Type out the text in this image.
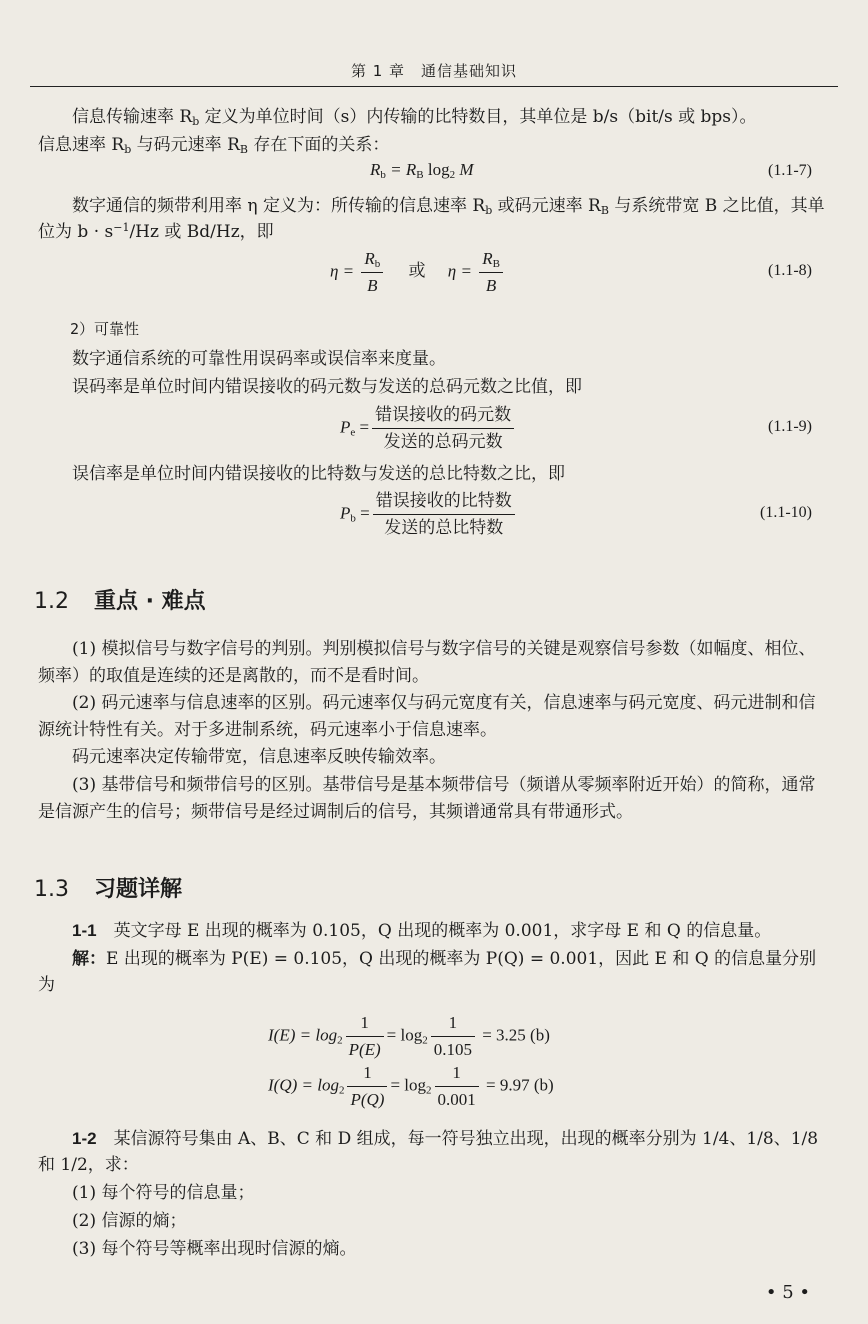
第 1 章　通信基础知识
信息传输速率 $R_b$ 定义为单位时间（s）内传输的比特数目，其单位是 b/s（bit/s 或 bps）。
信息速率 $R_b$ 与码元速率 $R_B$ 存在下面的关系：
$R_b = R_B$ $\log_2 M$	(1.1-7)
数字通信的频带利用率 η 定义为：所传输的信息速率 $R_b$ 或码元速率 $R_B$ 与系统带宽 B 之比值，其单位为 $b \cdot s^{-1}/Hz$ 或 Bd/Hz，即
$\eta = \frac{R_b}{B}$ 或 $\eta = \frac{R_B}{B}$	(1.1-8)
2）可靠性
数字通信系统的可靠性用误码率或误信率来度量。
误码率是单位时间内错误接收的码元数与发送的总码元数之比值，即
$P_e = \frac{\text{错误接收的码元数}}{\text{发送的总码元数}}$	(1.1-9)
误信率是单位时间内错误接收的比特数与发送的总比特数之比，即
$P_b = \frac{\text{错误接收的比特数}}{\text{发送的总比特数}}$	(1.1-10)
1.2 重点 · 难点
(1) 模拟信号与数字信号的判别。判别模拟信号与数字信号的关键是观察信号参数（如幅度、相位、频率）的取值是连续的还是离散的，而不是看时间。
(2) 码元速率与信息速率的区别。码元速率仅与码元宽度有关，信息速率与码元宽度、码元进制和信源统计特性有关。对于多进制系统，码元速率小于信息速率。
码元速率决定传输带宽，信息速率反映传输效率。
(3) 基带信号和频带信号的区别。基带信号是基本频带信号（频谱从零频率附近开始）的简称，通常是信源产生的信号；频带信号是经过调制后的信号，其频谱通常具有带通形式。
1.3 习题详解
1-1　英文字母 E 出现的概率为 0.105，Q 出现的概率为 0.001，求字母 E 和 Q 的信息量。
解：E 出现的概率为 P(E) = 0.105，Q 出现的概率为 P(Q) = 0.001，因此 E 和 Q 的信息量分别为
$I(E) = \log_2 \frac{1}{P(E)} = \log_2 \frac{1}{0.105} = 3.25$ (b)
$I(Q) = \log_2 \frac{1}{P(Q)} = \log_2 \frac{1}{0.001} = 9.97$ (b)
1-2　某信源符号集由 A、B、C 和 D 组成，每一符号独立出现，出现的概率分别为 1/4、1/8、1/8 和 1/2，求：
(1) 每个符号的信息量；
(2) 信源的熵；
(3) 每个符号等概率出现时信源的熵。
• 5 •
